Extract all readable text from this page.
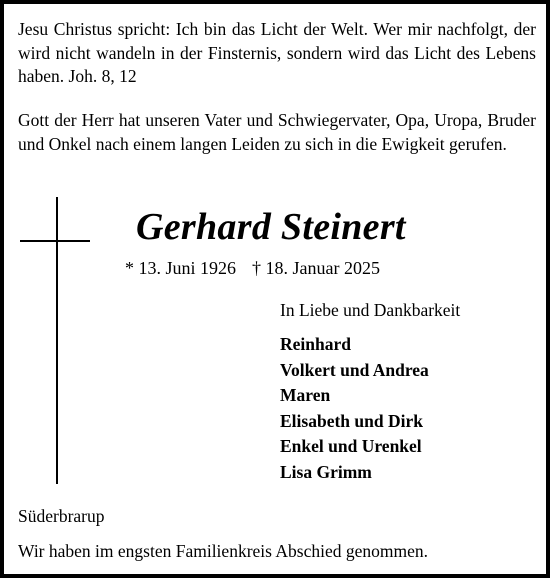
Jesu Christus spricht: Ich bin das Licht der Welt. Wer mir nachfolgt, der wird nicht wandeln in der Finsternis, sondern wird das Licht des Lebens haben. Joh. 8, 12

Gott der Herr hat unseren Vater und Schwiegervater, Opa, Uropa, Bruder und Onkel nach einem langen Leiden zu sich in die Ewigkeit gerufen.

Gerhard Steinert
* 13. Juni 1926 † 18. Januar 2025
In Liebe und Dankbarkeit
Reinhard
Volkert und Andrea
Maren
Elisabeth und Dirk
Enkel und Urenkel
Lisa Grimm
Süderbrarup
Wir haben im engsten Familienkreis Abschied genommen.
